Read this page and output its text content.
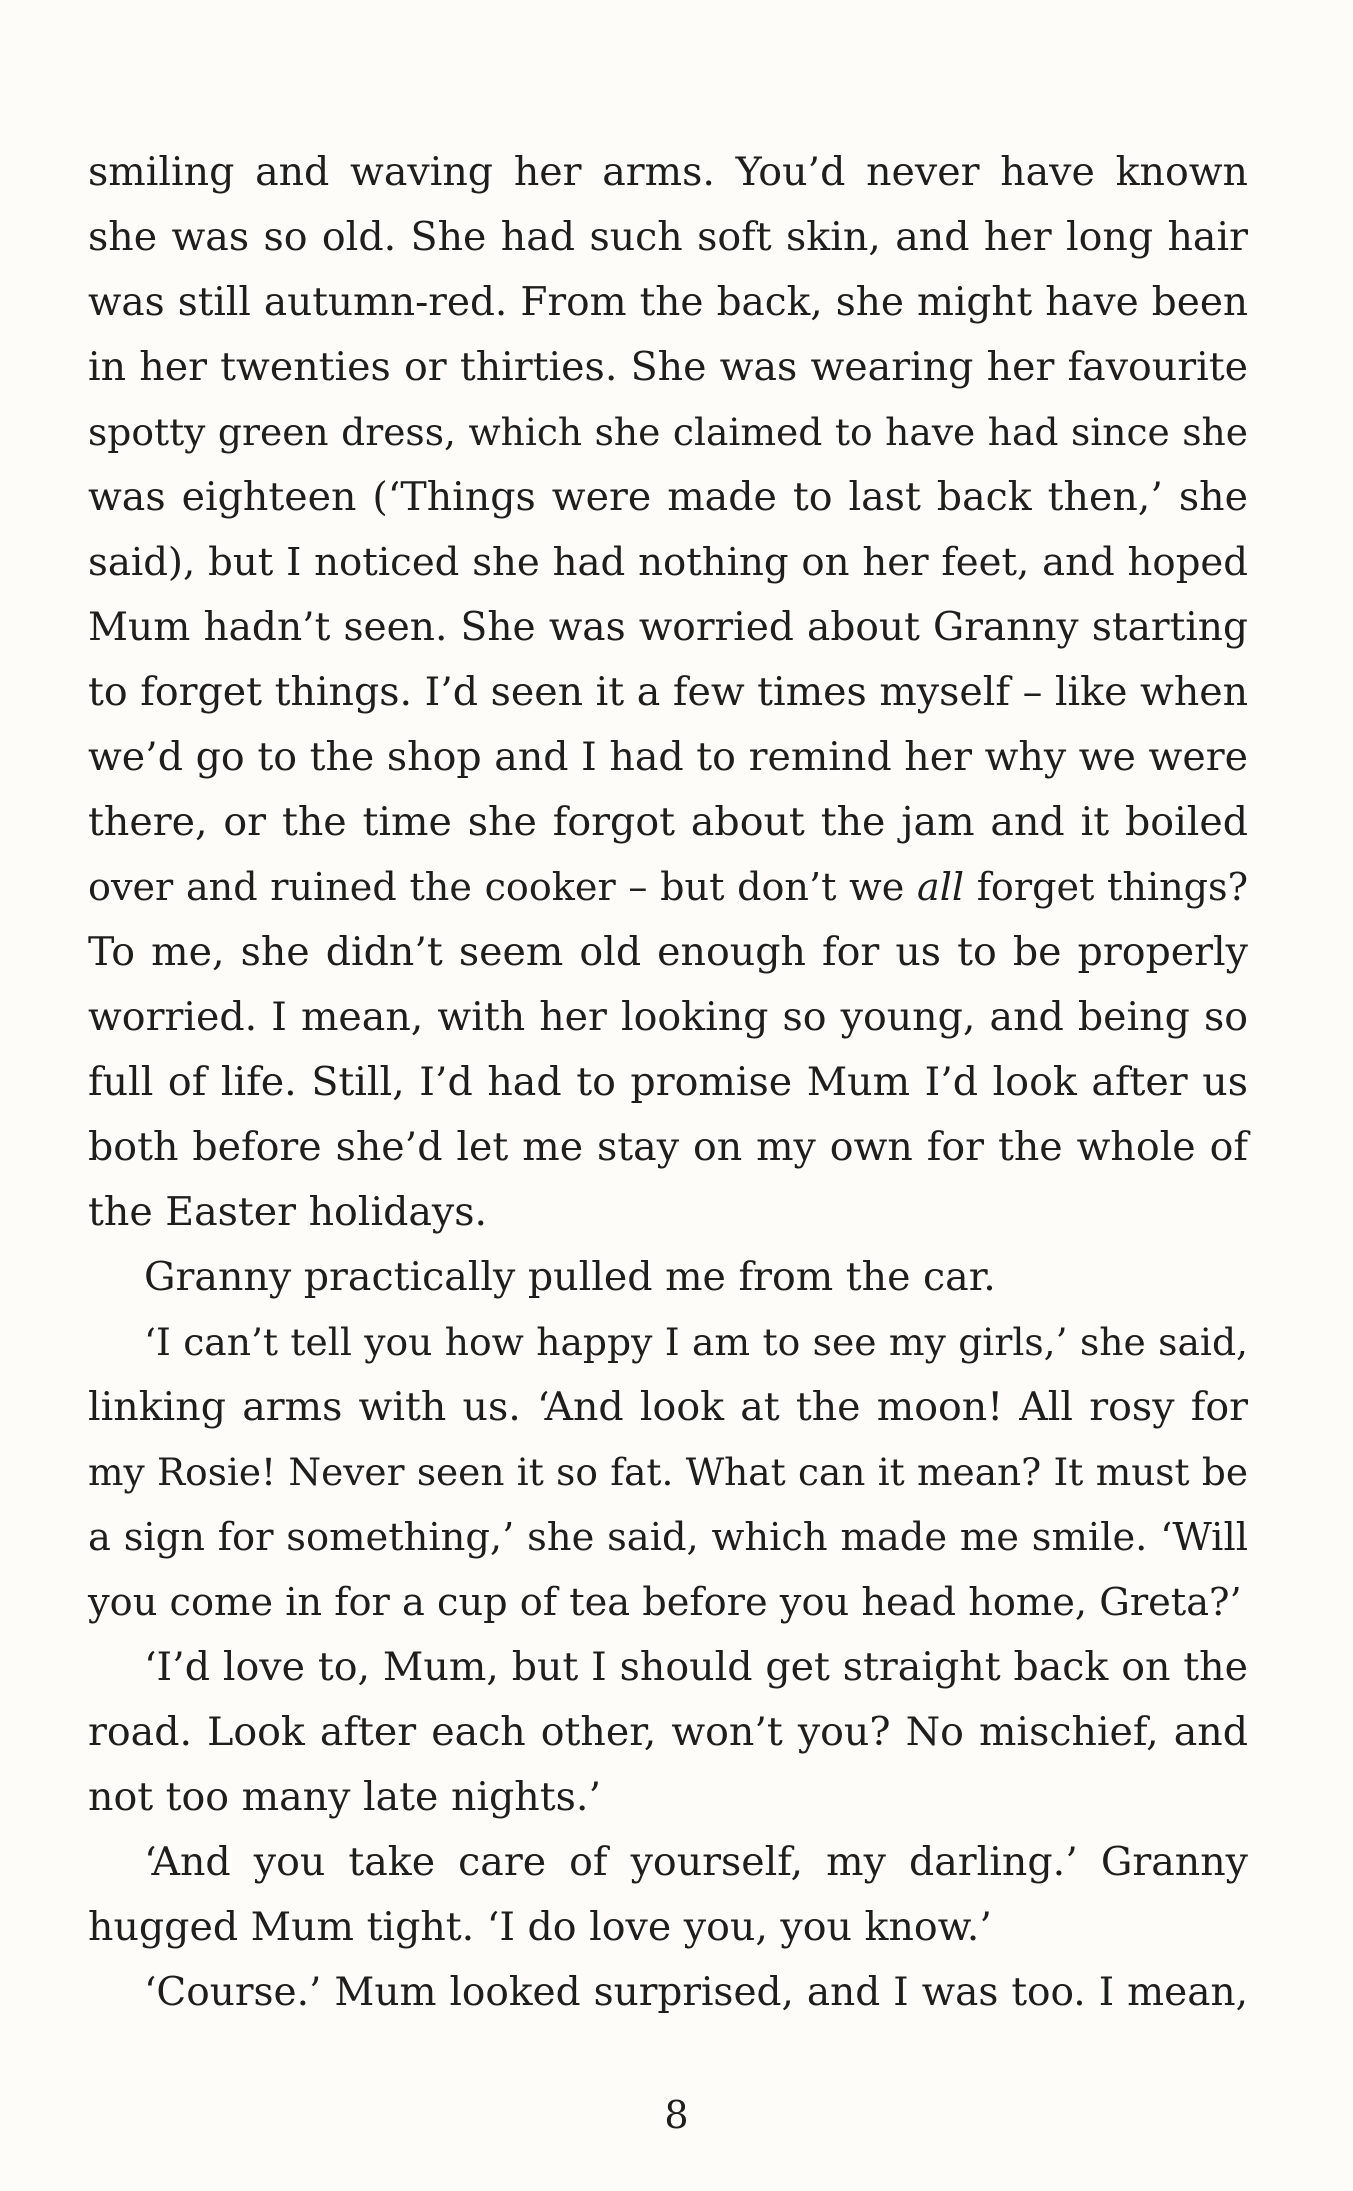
smiling and waving her arms. You’d never have known
she was so old. She had such soft skin, and her long hair
was still autumn-red. From the back, she might have been
in her twenties or thirties. She was wearing her favourite
spotty green dress, which she claimed to have had since she
was eighteen (‘Things were made to last back then,’ she
said), but I noticed she had nothing on her feet, and hoped
Mum hadn’t seen. She was worried about Granny starting
to forget things. I’d seen it a few times myself – like when
we’d go to the shop and I had to remind her why we were
there, or the time she forgot about the jam and it boiled
over and ruined the cooker – but don’t we all forget things?
To me, she didn’t seem old enough for us to be properly
worried. I mean, with her looking so young, and being so
full of life. Still, I’d had to promise Mum I’d look after us
both before she’d let me stay on my own for the whole of
the Easter holidays.
Granny practically pulled me from the car.
‘I can’t tell you how happy I am to see my girls,’ she said,
linking arms with us. ‘And look at the moon! All rosy for
my Rosie! Never seen it so fat. What can it mean? It must be
a sign for something,’ she said, which made me smile. ‘Will
you come in for a cup of tea before you head home, Greta?’
‘I’d love to, Mum, but I should get straight back on the
road. Look after each other, won’t you? No mischief, and
not too many late nights.’
‘And you take care of yourself, my darling.’ Granny
hugged Mum tight. ‘I do love you, you know.’
‘Course.’ Mum looked surprised, and I was too. I mean,
8
